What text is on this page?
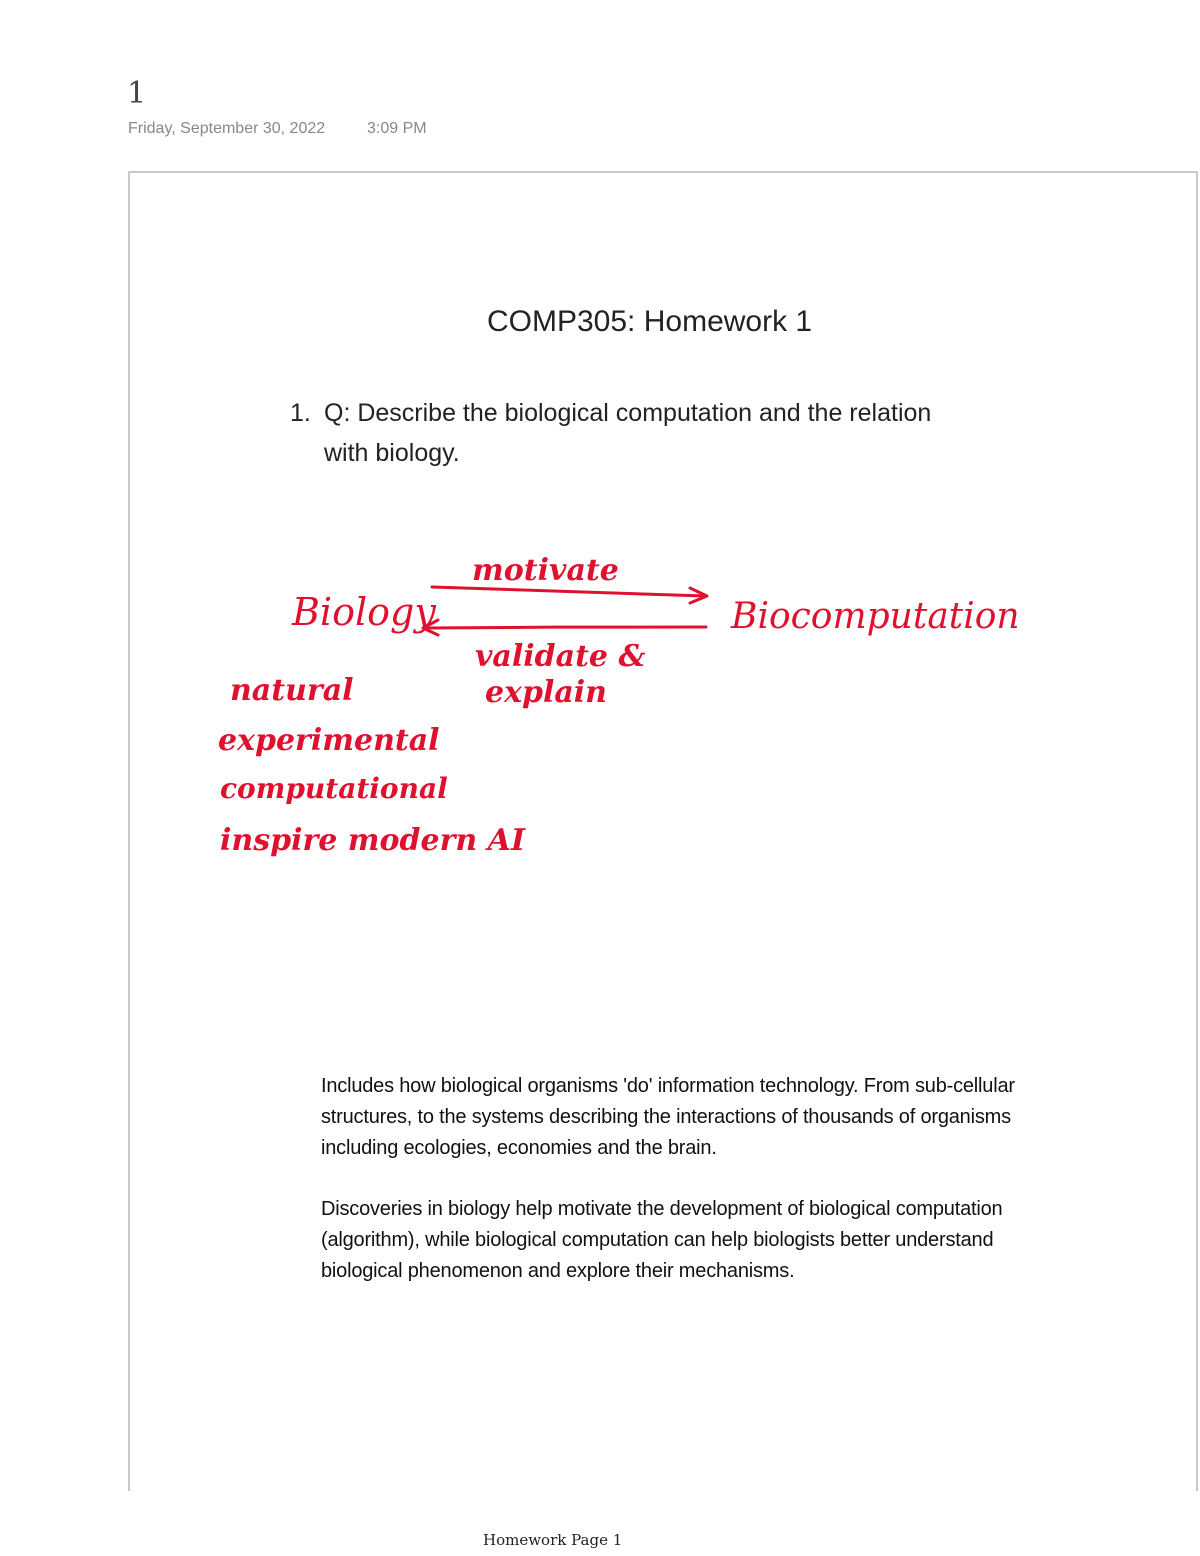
1
Friday, September 30, 2022	3:09 PM
COMP305: Homework 1
1. Q: Describe the biological computation and the relation
with biology.
Biology	Biocomputation
motivate
validate &
explain
natural
experimental
computational
inspire modern AI

Includes how biological organisms 'do' information technology. From sub-cellular structures, to the systems describing the interactions of thousands of organisms including ecologies, economies and the brain.

Discoveries in biology help motivate the development of biological computation (algorithm), while biological computation can help biologists better understand biological phenomenon and explore their mechanisms.

Homework Page 1
